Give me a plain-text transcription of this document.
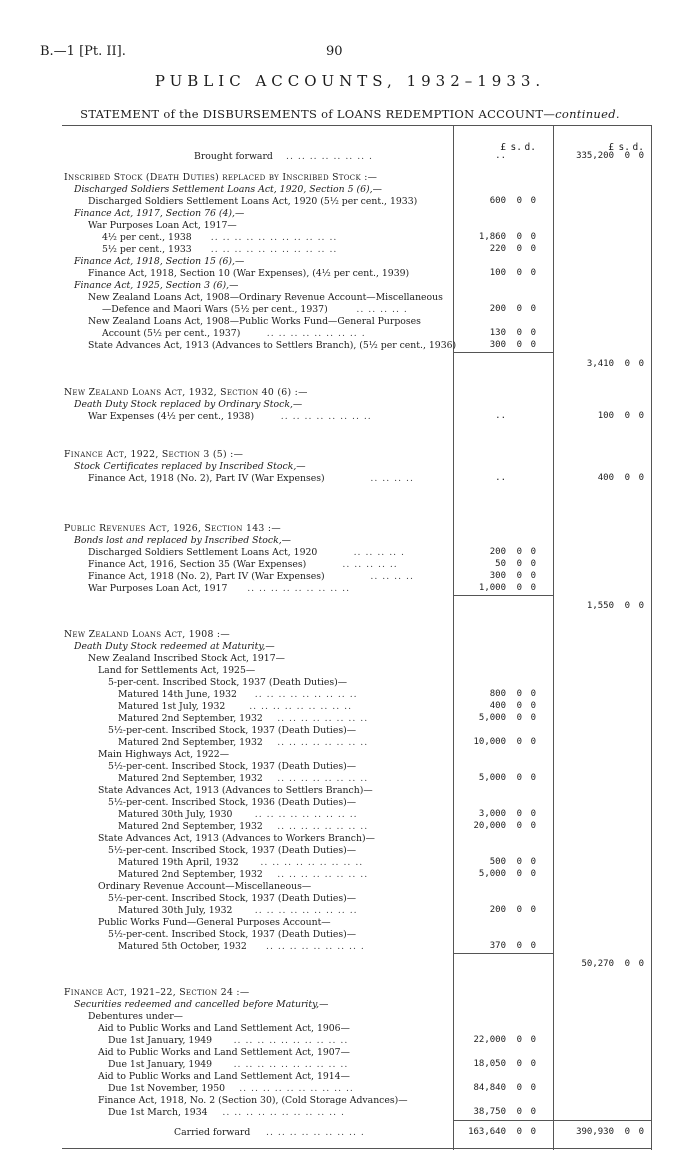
B.—1 [Pt. II].	90
PUBLIC ACCOUNTS, 1932–1933.
STATEMENT of the DISBURSEMENTS of LOANS REDEMPTION ACCOUNT—continued.
£ s. d.	£ s. d.
Brought forward .. .. .. .. .. .. .. .	..	335,200 0 0
Inscribed Stock (Death Duties) replaced by Inscribed Stock :—
Discharged Soldiers Settlement Loans Act, 1920, Section 5 (6),—
Discharged Soldiers Settlement Loans Act, 1920 (5½ per cent., 1933)	600 0 0
Finance Act, 1917, Section 76 (4),—
War Purposes Loan Act, 1917—
4½ per cent., 1938 .. .. .. .. .. .. .. .. .. .. ..	1,860 0 0
5½ per cent., 1933 .. .. .. .. .. .. .. .. .. .. ..	220 0 0
Finance Act, 1918, Section 15 (6),—
Finance Act, 1918, Section 10 (War Expenses), (4½ per cent., 1939)	100 0 0
Finance Act, 1925, Section 3 (6),—
New Zealand Loans Act, 1908—Ordinary Revenue Account—Miscellaneous
—Defence and Maori Wars (5½ per cent., 1937)	.. .. .. .. .	200 0 0
New Zealand Loans Act, 1908—Public Works Fund—General Purposes
Account (5½ per cent., 1937)	.. .. .. .. .. .. .. .. .	130 0 0
State Advances Act, 1913 (Advances to Settlers Branch), (5½ per cent., 1936)	300 0 0
3,410 0 0
New Zealand Loans Act, 1932, Section 40 (6) :—
Death Duty Stock replaced by Ordinary Stock,—
War Expenses (4½ per cent., 1938)	.. .. .. .. .. .. .. ..	..	100 0 0
Finance Act, 1922, Section 3 (5) :—
Stock Certificates replaced by Inscribed Stock,—
Finance Act, 1918 (No. 2), Part IV (War Expenses)	.. .. .. ..	..	400 0 0
Public Revenues Act, 1926, Section 143 :—
Bonds lost and replaced by Inscribed Stock,—
Discharged Soldiers Settlement Loans Act, 1920	.. .. .. .. .	200 0 0
Finance Act, 1916, Section 35 (War Expenses)	.. .. .. .. ..	50 0 0
Finance Act, 1918 (No. 2), Part IV (War Expenses)	.. .. .. ..	300 0 0
War Purposes Loan Act, 1917 .. .. .. .. .. .. .. .. ..	1,000 0 0
1,550 0 0
New Zealand Loans Act, 1908 :—
Death Duty Stock redeemed at Maturity,—
New Zealand Inscribed Stock Act, 1917—
Land for Settlements Act, 1925—
5-per-cent. Inscribed Stock, 1937 (Death Duties)—
Matured 14th June, 1932 .. .. .. .. .. .. .. .. ..	800 0 0
Matured 1st July, 1932	.. .. .. .. .. .. .. .. ..	400 0 0
Matured 2nd September, 1932 .. .. .. .. .. .. .. ..	5,000 0 0
5½-per-cent. Inscribed Stock, 1937 (Death Duties)—
Matured 2nd September, 1932 .. .. .. .. .. .. .. ..	10,000 0 0
Main Highways Act, 1922—
5½-per-cent. Inscribed Stock, 1937 (Death Duties)—
Matured 2nd September, 1932 .. .. .. .. .. .. .. ..	5,000 0 0
State Advances Act, 1913 (Advances to Settlers Branch)—
5½-per-cent. Inscribed Stock, 1936 (Death Duties)—
Matured 30th July, 1930 .. .. .. .. .. .. .. .. ..	3,000 0 0
Matured 2nd September, 1932 .. .. .. .. .. .. .. ..	20,000 0 0
State Advances Act, 1913 (Advances to Workers Branch)—
5½-per-cent. Inscribed Stock, 1937 (Death Duties)—
Matured 19th April, 1932 .. .. .. .. .. .. .. .. ..	500 0 0
Matured 2nd September, 1932 .. .. .. .. .. .. .. ..	5,000 0 0
Ordinary Revenue Account—Miscellaneous—
5½-per-cent. Inscribed Stock, 1937 (Death Duties)—
Matured 30th July, 1932 .. .. .. .. .. .. .. .. ..	200 0 0
Public Works Fund—General Purposes Account—
5½-per-cent. Inscribed Stock, 1937 (Death Duties)—
Matured 5th October, 1932 .. .. .. .. .. .. .. .. .	370 0 0
50,270 0 0
Finance Act, 1921–22, Section 24 :—
Securities redeemed and cancelled before Maturity,—
Debentures under—
Aid to Public Works and Land Settlement Act, 1906—
Due 1st January, 1949 .. .. .. .. .. .. .. .. .. ..	22,000 0 0
Aid to Public Works and Land Settlement Act, 1907—
Due 1st January, 1949 .. .. .. .. .. .. .. .. .. ..	18,050 0 0
Aid to Public Works and Land Settlement Act, 1914—
Due 1st November, 1950 .. .. .. .. .. .. .. .. .. ..	84,840 0 0
Finance Act, 1918, No. 2 (Section 30), (Cold Storage Advances)—
Due 1st March, 1934 .. .. .. .. .. .. .. .. .. .. .	38,750 0 0
Carried forward .. .. .. .. .. .. .. .. .	163,640 0 0	390,930 0 0
